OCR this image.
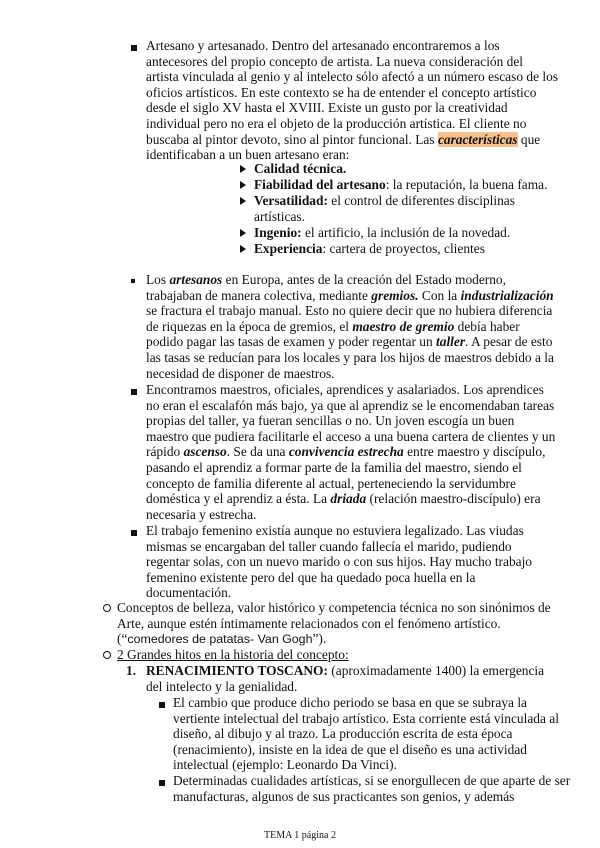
Artesano y artesanado. Dentro del artesanado encontraremos a los antecesores del propio concepto de artista. La nueva consideración del artista vinculada al genio y al intelecto sólo afectó a un número escaso de los oficios artísticos. En este contexto se ha de entender el concepto artístico desde el siglo XV hasta el XVIII. Existe un gusto por la creatividad individual pero no era el objeto de la producción artística. El cliente no buscaba al pintor devoto, sino al pintor funcional. Las características que identificaban a un buen artesano eran:
Calidad técnica.
Fiabilidad del artesano: la reputación, la buena fama.
Versatilidad: el control de diferentes disciplinas artísticas.
Ingenio: el artificio, la inclusión de la novedad.
Experiencia: cartera de proyectos, clientes
Los artesanos en Europa, antes de la creación del Estado moderno, trabajaban de manera colectiva, mediante gremios. Con la industrialización se fractura el trabajo manual. Esto no quiere decir que no hubiera diferencia de riquezas en la época de gremios, el maestro de gremio debía haber podido pagar las tasas de examen y poder regentar un taller. A pesar de esto las tasas se reducían para los locales y para los hijos de maestros debido a la necesidad de disponer de maestros.
Encontramos maestros, oficiales, aprendices y asalariados. Los aprendices no eran el escalafón más bajo, ya que al aprendiz se le encomendaban tareas propias del taller, ya fueran sencillas o no. Un joven escogía un buen maestro que pudiera facilitarle el acceso a una buena cartera de clientes y un rápido ascenso. Se da una convivencia estrecha entre maestro y discípulo, pasando el aprendiz a formar parte de la familia del maestro, siendo el concepto de familia diferente al actual, perteneciendo la servidumbre doméstica y el aprendiz a ésta. La driada (relación maestro-discípulo) era necesaria y estrecha.
El trabajo femenino existía aunque no estuviera legalizado. Las viudas mismas se encargaban del taller cuando fallecía el marido, pudiendo regentar solas, con un nuevo marido o con sus hijos. Hay mucho trabajo femenino existente pero del que ha quedado poca huella en la documentación.
Conceptos de belleza, valor histórico y competencia técnica no son sinónimos de Arte, aunque estén íntimamente relacionados con el fenómeno artístico. (“comedores de patatas- Van Gogh”).
2 Grandes hitos en la historia del concepto:
1. RENACIMIENTO TOSCANO: (aproximadamente 1400) la emergencia del intelecto y la genialidad.
El cambio que produce dicho periodo se basa en que se subraya la vertiente intelectual del trabajo artístico. Esta corriente está vinculada al diseño, al dibujo y al trazo. La producción escrita de esta época (renacimiento), insiste en la idea de que el diseño es una actividad intelectual (ejemplo: Leonardo Da Vinci).
Determinadas cualidades artísticas, si se enorgullecen de que aparte de ser manufacturas, algunos de sus practicantes son genios, y además
TEMA 1 página 2
